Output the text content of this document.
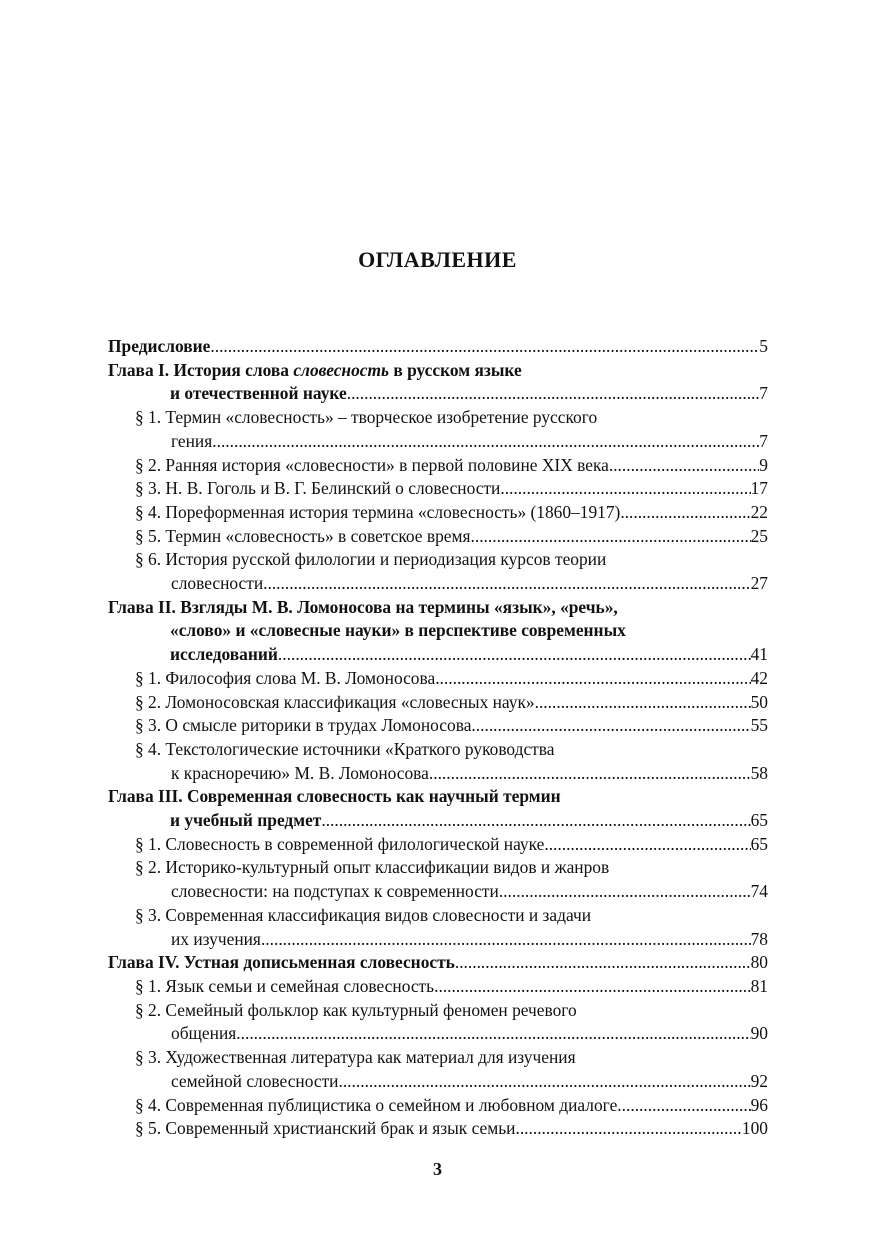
ОГЛАВЛЕНИЕ
Предисловие .....	5
Глава I. История слова словесность в русском языке
и отечественной науке .....	7
§ 1. Термин «словесность» – творческое изобретение русского
гения .....	7
§ 2. Ранняя история «словесности» в первой половине XIX века .....	9
§ 3. Н. В. Гоголь и В. Г. Белинский о словесности .....	17
§ 4. Пореформенная история термина «словесность» (1860–1917) .....	22
§ 5. Термин «словесность» в советское время .....	25
§ 6. История русской филологии и периодизация курсов теории
словесности .....	27
Глава II. Взгляды М. В. Ломоносова на термины «язык», «речь»,
«слово» и «словесные науки» в перспективе современных
исследований .....	41
§ 1. Философия слова М. В. Ломоносова .....	42
§ 2. Ломоносовская классификация «словесных наук» .....	50
§ 3. О смысле риторики в трудах Ломоносова .....	55
§ 4. Текстологические источники «Краткого руководства
к красноречию» М. В. Ломоносова .....	58
Глава III. Современная словесность как научный термин
и учебный предмет .....	65
§ 1. Словесность в современной филологической науке .....	65
§ 2. Историко-культурный опыт классификации видов и жанров
словесности: на подступах к современности .....	74
§ 3. Современная классификация видов словесности и задачи
их изучения .....	78
Глава IV. Устная дописьменная словесность .....	80
§ 1. Язык семьи и семейная словесность .....	81
§ 2. Семейный фольклор как культурный феномен речевого
общения .....	90
§ 3. Художественная литература как материал для изучения
семейной словесности .....	92
§ 4. Современная публицистика о семейном и любовном диалоге .....	96
§ 5. Современный христианский брак и язык семьи .....	100
3
